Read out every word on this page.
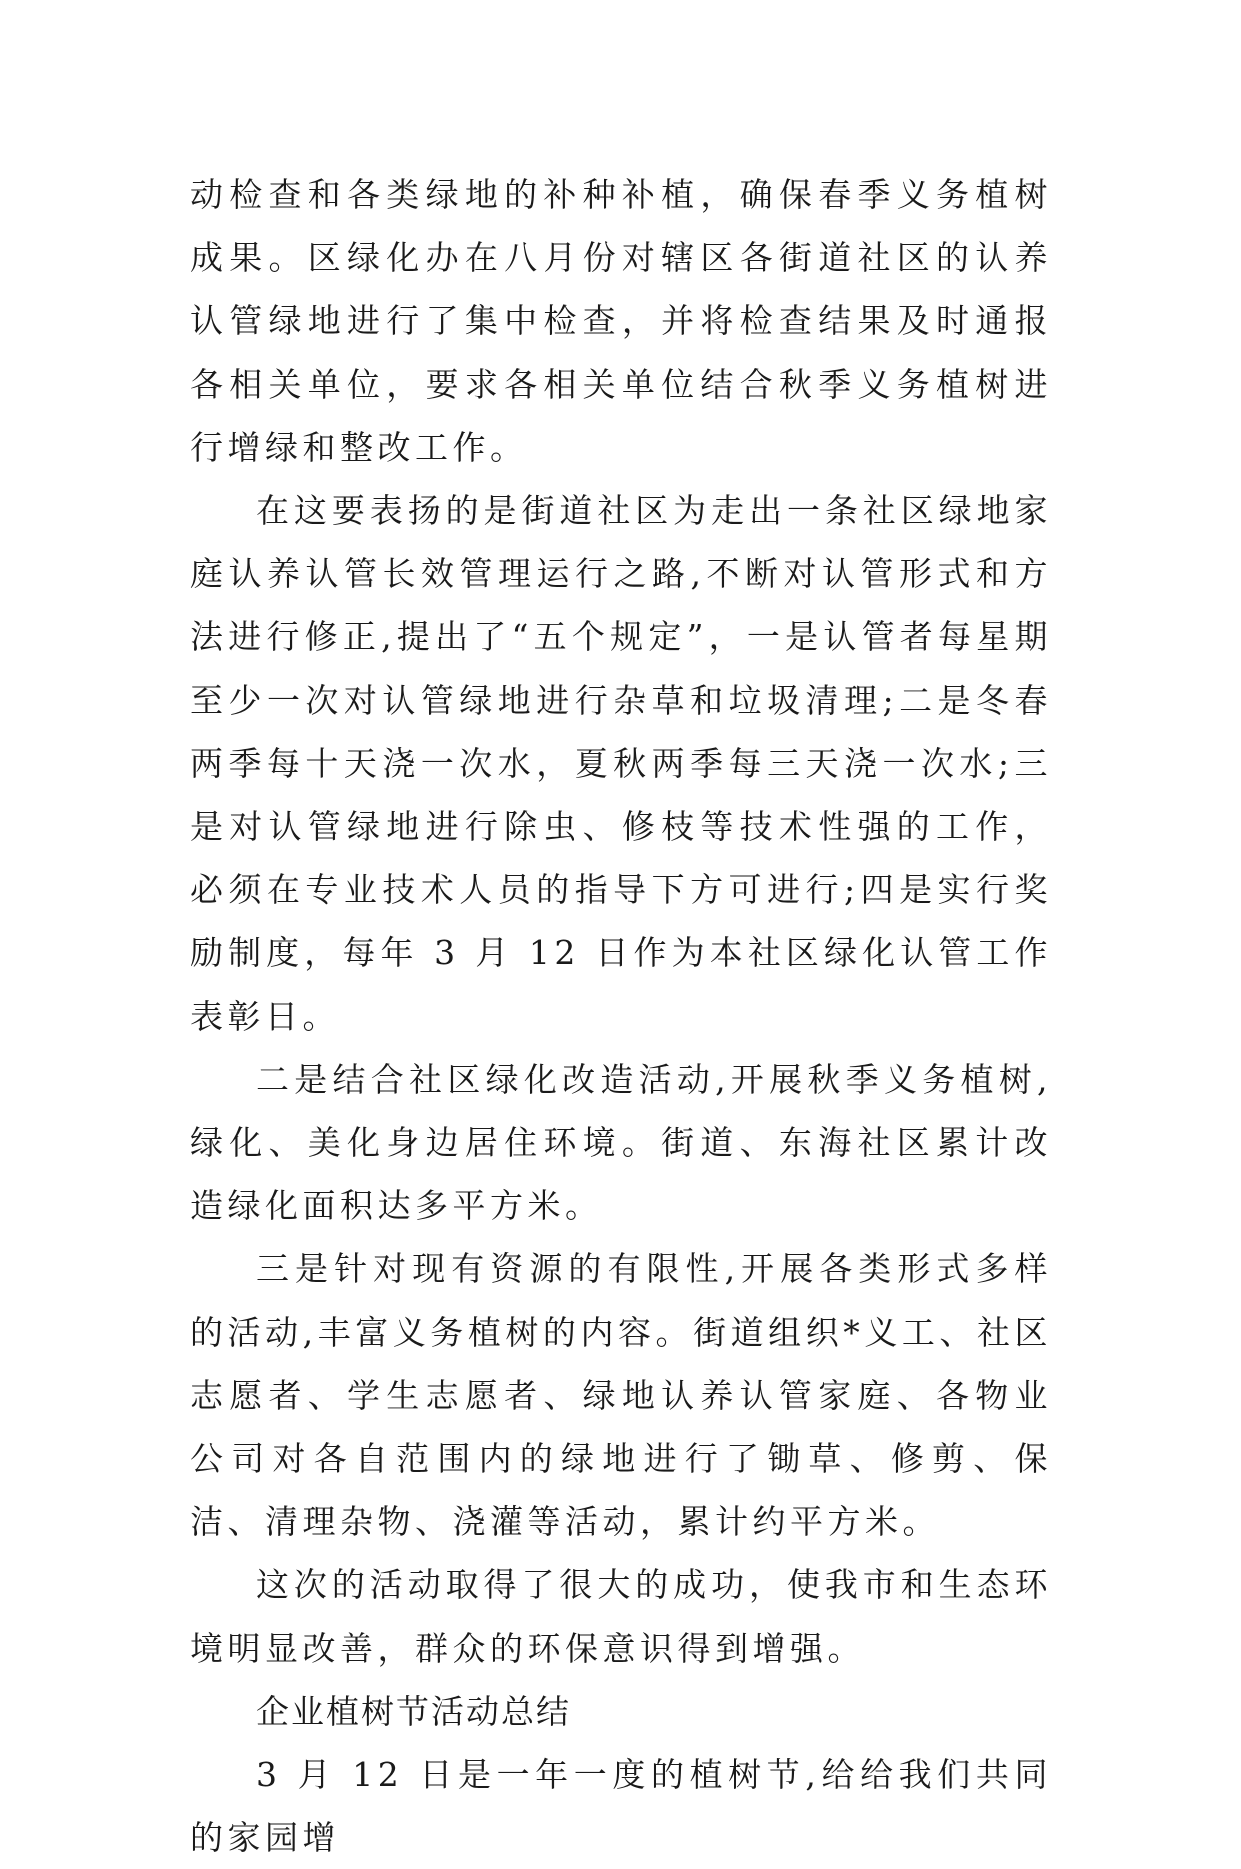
动检查和各类绿地的补种补植，确保春季义务植树成果。区绿化办在八月份对辖区各街道社区的认养认管绿地进行了集中检查，并将检查结果及时通报各相关单位，要求各相关单位结合秋季义务植树进行增绿和整改工作。

在这要表扬的是街道社区为走出一条社区绿地家庭认养认管长效管理运行之路,不断对认管形式和方法进行修正,提出了“五个规定”，一是认管者每星期至少一次对认管绿地进行杂草和垃圾清理;二是冬春两季每十天浇一次水，夏秋两季每三天浇一次水;三是对认管绿地进行除虫、修枝等技术性强的工作，必须在专业技术人员的指导下方可进行;四是实行奖励制度，每年 3 月 12 日作为本社区绿化认管工作表彰日。

二是结合社区绿化改造活动,开展秋季义务植树,绿化、美化身边居住环境。街道、东海社区累计改造绿化面积达多平方米。

三是针对现有资源的有限性,开展各类形式多样的活动,丰富义务植树的内容。街道组织*义工、社区志愿者、学生志愿者、绿地认养认管家庭、各物业公司对各自范围内的绿地进行了锄草、修剪、保洁、清理杂物、浇灌等活动，累计约平方米。

这次的活动取得了很大的成功，使我市和生态环境明显改善，群众的环保意识得到增强。

企业植树节活动总结

3 月 12 日是一年一度的植树节,给给我们共同的家园增
